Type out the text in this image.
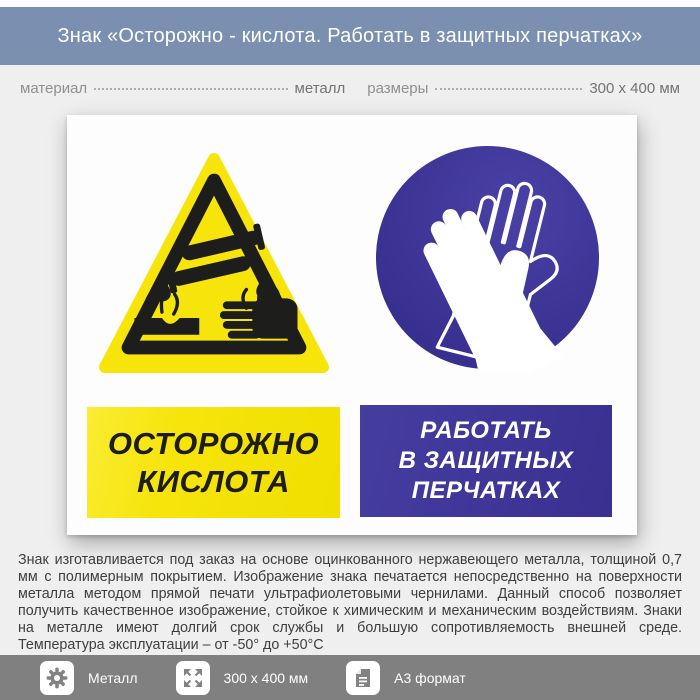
Знак «Осторожно - кислота. Работать в защитных перчатках»
материал	металл размеры	300 х 400 мм
ОСТОРОЖНО
КИСЛОТА
РАБОТАТЬ
В ЗАЩИТНЫХ
ПЕРЧАТКАХ
Знак изготавливается под заказ на основе оцинкованного нержавеющего металла, толщиной 0,7 мм с полимерным покрытием. Изображение знака печатается непосредственно на поверхности металла методом прямой печати ультрафиолетовыми чернилами. Данный способ позволяет получить качественное изображение, стойкое к химическим и механическим воздействиям. Знаки на металле имеют долгий срок службы и большую сопротивляемость внешней среде. Температура эксплуатации – от -50° до +50°С
Металл	300 х 400 мм	А3 формат
